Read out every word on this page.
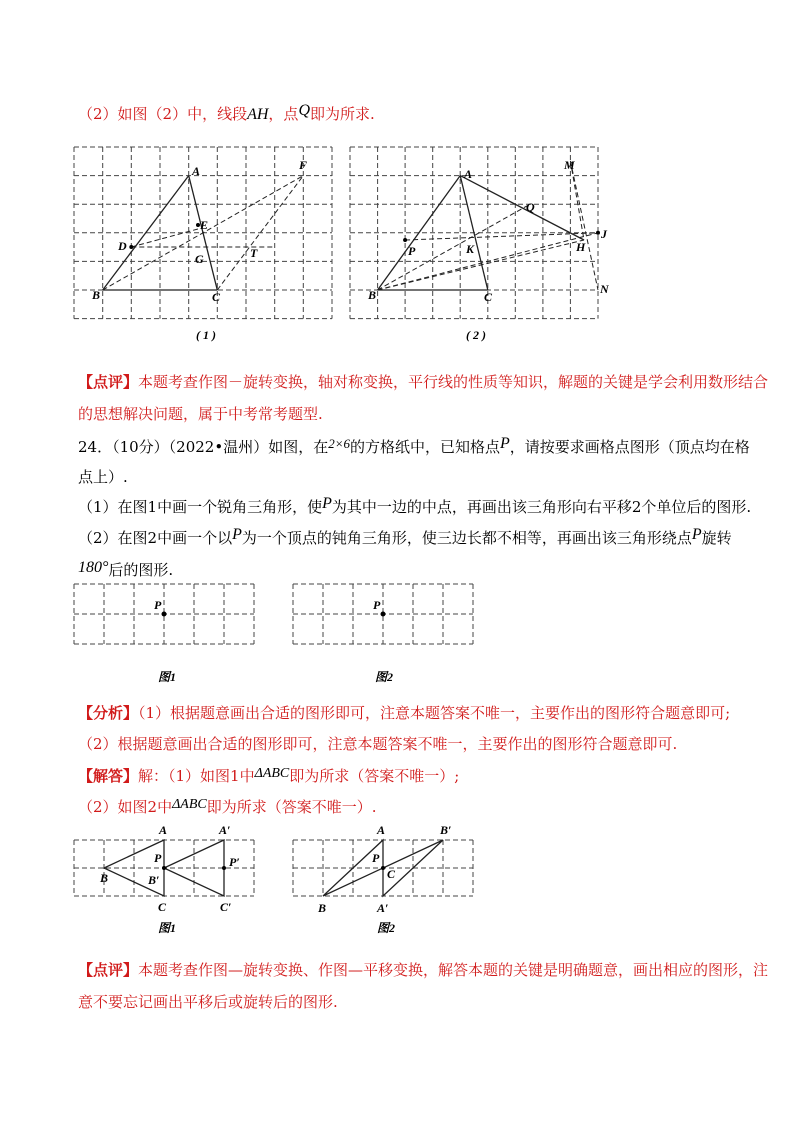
（2）如图（2）中，线段AH，点Q即为所求.
A
B	C
D
E
F
G	T
( 1 )
A
B	C
P
Q
K	H
J
M
N
( 2 )
【点评】本题考查作图－旋转变换，轴对称变换，平行线的性质等知识，解题的关键是学会利用数形结合
的思想解决问题，属于中考常考题型.
24．（10分）（2022•温州）如图，在2×6的方格纸中，已知格点P，请按要求画格点图形（顶点均在格
点上）.
（1）在图1中画一个锐角三角形，使P为其中一边的中点，再画出该三角形向右平移2个单位后的图形.
（2）在图2中画一个以P为一个顶点的钝角三角形，使三边长都不相等，再画出该三角形绕点P旋转
180°后的图形.
P
图1
P
图2
【分析】（1）根据题意画出合适的图形即可，注意本题答案不唯一，主要作出的图形符合题意即可;
（2）根据题意画出合适的图形即可，注意本题答案不唯一，主要作出的图形符合题意即可.
【解答】解：（1）如图1中ΔABC即为所求（答案不唯一）;
（2）如图2中ΔABC即为所求（答案不唯一）.
A	A′
P	P′
B	B′
C	C′
图1
A	B′
P
C
B	A′
图2
【点评】本题考查作图—旋转变换、作图—平移变换，解答本题的关键是明确题意，画出相应的图形，注
意不要忘记画出平移后或旋转后的图形.
